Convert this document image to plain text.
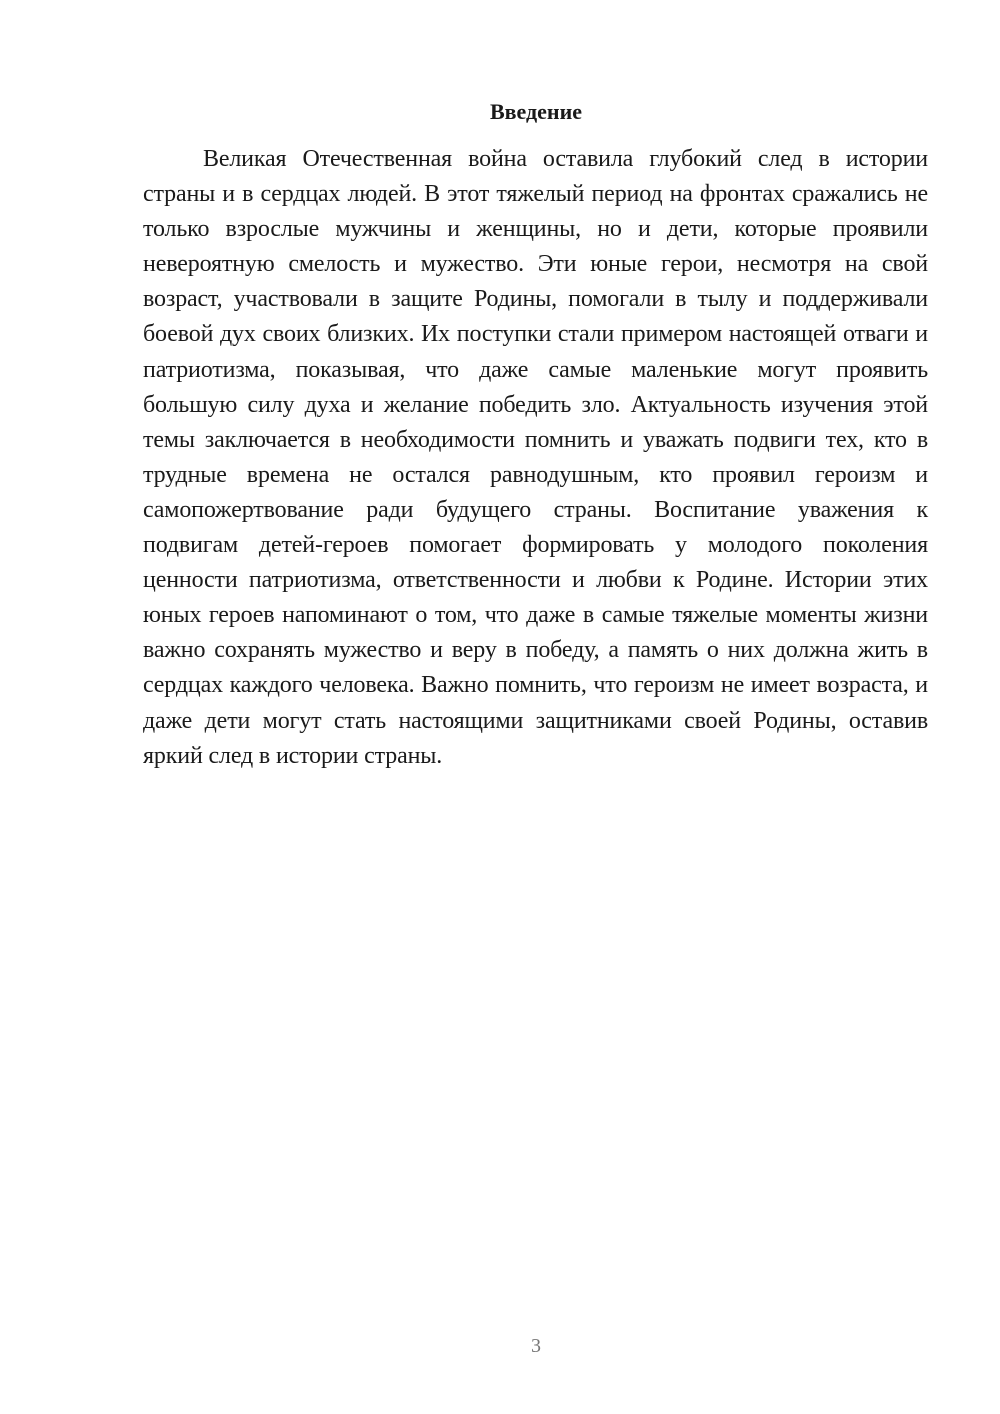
Введение

Великая Отечественная война оставила глубокий след в истории страны и в сердцах людей. В этот тяжелый период на фронтах сражались не только взрослые мужчины и женщины, но и дети, которые проявили невероятную смелость и мужество. Эти юные герои, несмотря на свой возраст, участвовали в защите Родины, помогали в тылу и поддерживали боевой дух своих близких. Их поступки стали примером настоящей отваги и патриотизма, показывая, что даже самые маленькие могут проявить большую силу духа и желание победить зло. Актуальность изучения этой темы заключается в необходимости помнить и уважать подвиги тех, кто в трудные времена не остался равнодушным, кто проявил героизм и самопожертвование ради будущего страны. Воспитание уважения к подвигам детей-героев помогает формировать у молодого поколения ценности патриотизма, ответственности и любви к Родине. Истории этих юных героев напоминают о том, что даже в самые тяжелые моменты жизни важно сохранять мужество и веру в победу, а память о них должна жить в сердцах каждого человека. Важно помнить, что героизм не имеет возраста, и даже дети могут стать настоящими защитниками своей Родины, оставив яркий след в истории страны.

3
